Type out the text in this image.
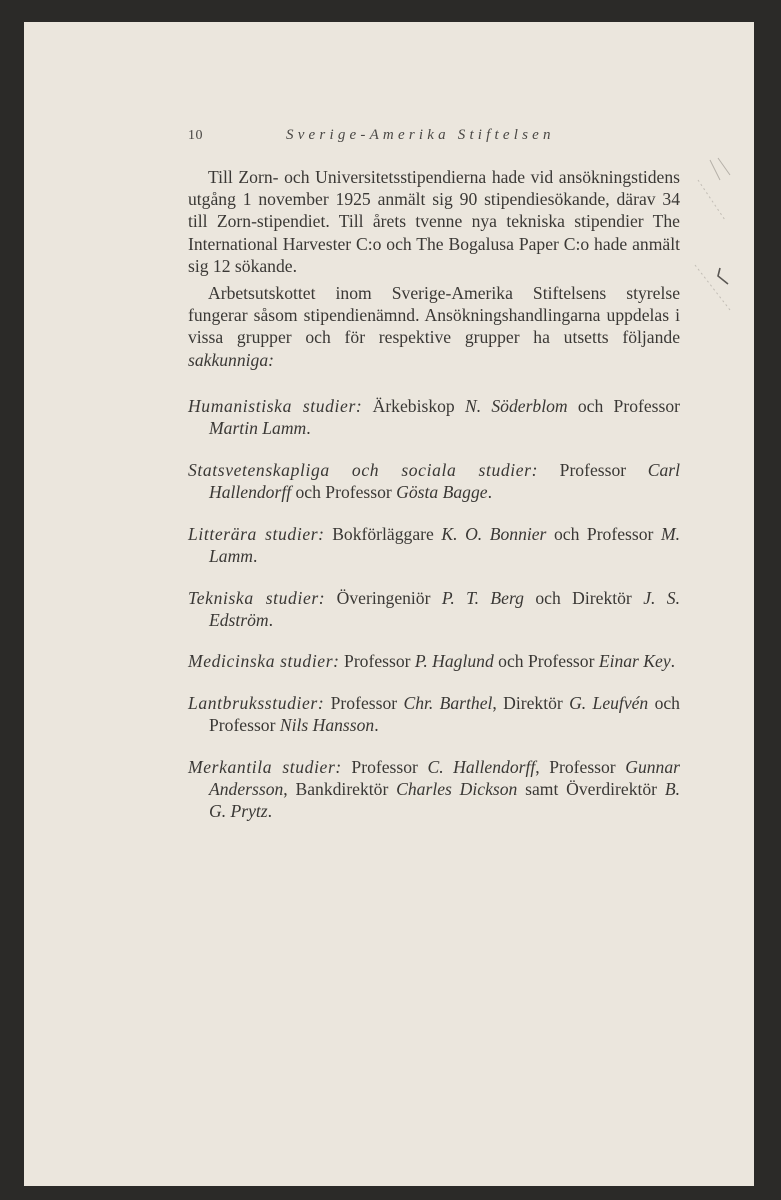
10	Sverige-Amerika Stiftelsen

Till Zorn- och Universitetsstipendierna hade vid ansökningstidens utgång 1 november 1925 anmält sig 90 stipendiesökande, därav 34 till Zorn-stipendiet. Till årets tvenne nya tekniska stipendier The International Harvester C:o och The Bogalusa Paper C:o hade anmält sig 12 sökande.

Arbetsutskottet inom Sverige-Amerika Stiftelsens styrelse fungerar såsom stipendienämnd. Ansökningshandlingarna uppdelas i vissa grupper och för respektive grupper ha utsetts följande sakkunniga:

Humanistiska studier: Ärkebiskop N. Söderblom och Professor Martin Lamm.

Statsvetenskapliga och sociala studier: Professor Carl Hallendorff och Professor Gösta Bagge.

Litterära studier: Bokförläggare K. O. Bonnier och Professor M. Lamm.

Tekniska studier: Överingeniör P. T. Berg och Direktör J. S. Edström.

Medicinska studier: Professor P. Haglund och Professor Einar Key.

Lantbruksstudier: Professor Chr. Barthel, Direktör G. Leufvén och Professor Nils Hansson.

Merkantila studier: Professor C. Hallendorff, Professor Gunnar Andersson, Bankdirektör Charles Dickson samt Överdirektör B. G. Prytz.
